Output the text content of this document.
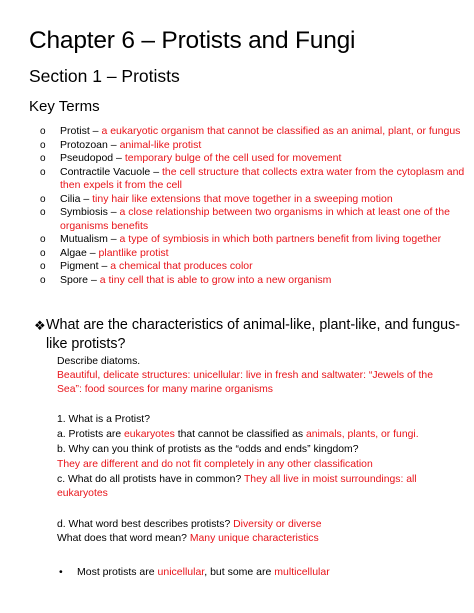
Chapter 6 – Protists and Fungi
Section 1 – Protists
Key Terms
o Protist – a eukaryotic organism that cannot be classified as an animal, plant, or fungus
o Protozoan – animal-like protist
o Pseudopod – temporary bulge of the cell used for movement
o Contractile Vacuole – the cell structure that collects extra water from the cytoplasm and then expels it from the cell
o Cilia – tiny hair like extensions that move together in a sweeping motion
o Symbiosis – a close relationship between two organisms in which at least one of the organisms benefits
o Mutualism – a type of symbiosis in which both partners benefit from living together
o Algae – plantlike protist
o Pigment – a chemical that produces color
o Spore – a tiny cell that is able to grow into a new organism
❖ What are the characteristics of animal-like, plant-like, and fungus-like protists?
Describe diatoms.
Beautiful, delicate structures: unicellular: live in fresh and saltwater: “Jewels of the Sea”: food sources for many marine organisms
1. What is a Protist?
a. Protists are eukaryotes that cannot be classified as animals, plants, or fungi.
b. Why can you think of protists as the “odds and ends” kingdom?
They are different and do not fit completely in any other classification
c. What do all protists have in common? They all live in moist surroundings: all eukaryotes
d. What word best describes protists? Diversity or diverse
What does that word mean? Many unique characteristics
• Most protists are unicellular, but some are multicellular
